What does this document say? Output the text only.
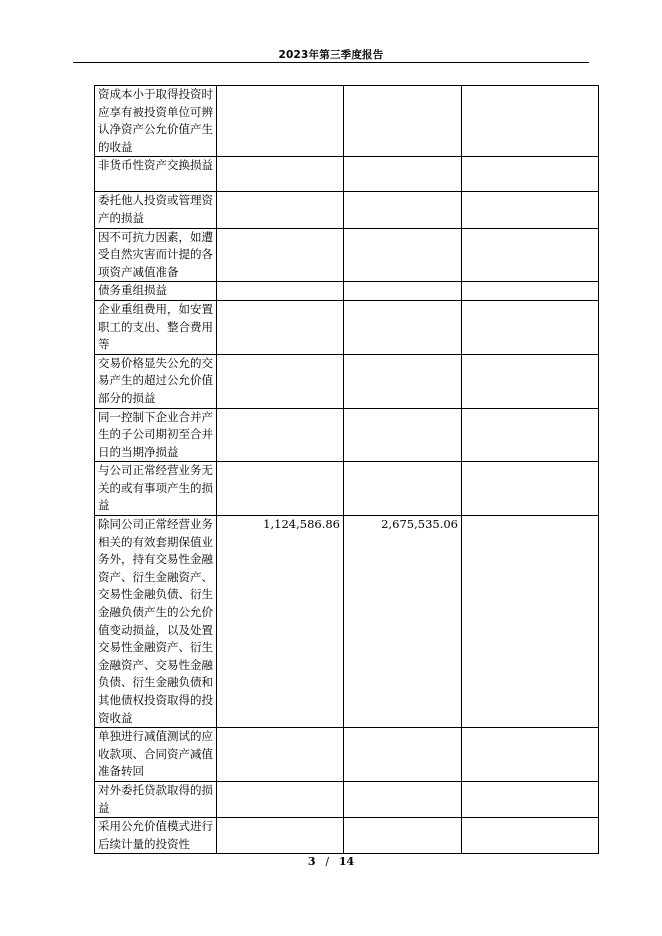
2023年第三季度报告
资成本小于取得投资时应享有被投资单位可辨认净资产公允价值产生的收益			
非货币性资产交换损益			
委托他人投资或管理资产的损益			
因不可抗力因素，如遭受自然灾害而计提的各项资产减值准备			
债务重组损益			
企业重组费用，如安置职工的支出、整合费用等			
交易价格显失公允的交易产生的超过公允价值部分的损益			
同一控制下企业合并产生的子公司期初至合并日的当期净损益			
与公司正常经营业务无关的或有事项产生的损益			
除同公司正常经营业务相关的有效套期保值业务外，持有交易性金融资产、衍生金融资产、交易性金融负债、衍生金融负债产生的公允价值变动损益，以及处置交易性金融资产、衍生金融资产、交易性金融负债、衍生金融负债和其他债权投资取得的投资收益	1,124,586.86	2,675,535.06	
单独进行减值测试的应收款项、合同资产减值准备转回			
对外委托贷款取得的损益			
采用公允价值模式进行后续计量的投资性			
3 / 14
